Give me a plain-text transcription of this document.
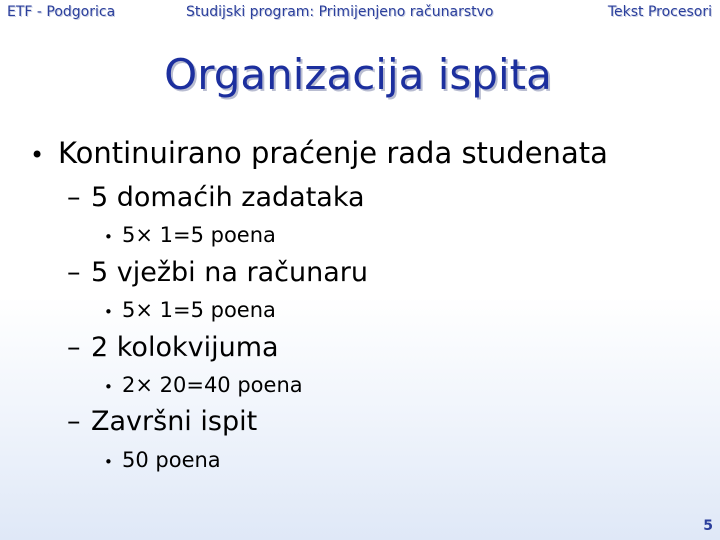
ETF - Podgorica	Studijski program: Primijenjeno računarstvo	Tekst Procesori
Organizacija ispita
• Kontinuirano praćenje rada studenata
– 5 domaćih zadataka
• 5× 1=5 poena
– 5 vježbi na računaru
• 5× 1=5 poena
– 2 kolokvijuma
• 2× 20=40 poena
– Završni ispit
• 50 poena
5
